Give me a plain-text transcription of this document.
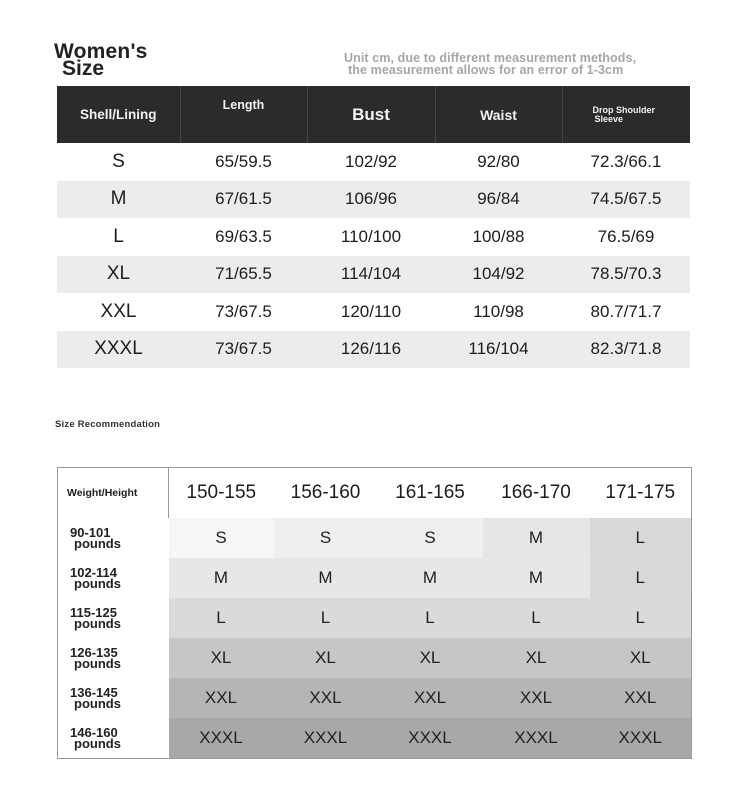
Women's
Size	Unit cm, due to different measurement methods,
the measurement allows for an error of 1-3cm
Shell/Lining	Length	Bust	Waist	Drop Shoulder
Sleeve

S	65/59.5	102/92	92/80	72.3/66.1
M	67/61.5	106/96	96/84	74.5/67.5
L	69/63.5	110/100	100/88	76.5/69
XL	71/65.5	114/104	104/92	78.5/70.3
XXL	73/67.5	120/110	110/98	80.7/71.7
XXXL	73/67.5	126/116	116/104	82.3/71.8
Size Recommendation
Weight/Height	150-155	156-160	161-165	166-170	171-175

90-101
pounds	S	S	S	M	L

102-114
pounds	M	M	M	M	L

115-125
pounds	L	L	L	L	L

126-135
pounds	XL	XL	XL	XL	XL

136-145
pounds	XXL	XXL	XXL	XXL	XXL

146-160
pounds	XXXL	XXXL	XXXL	XXXL	XXXL
